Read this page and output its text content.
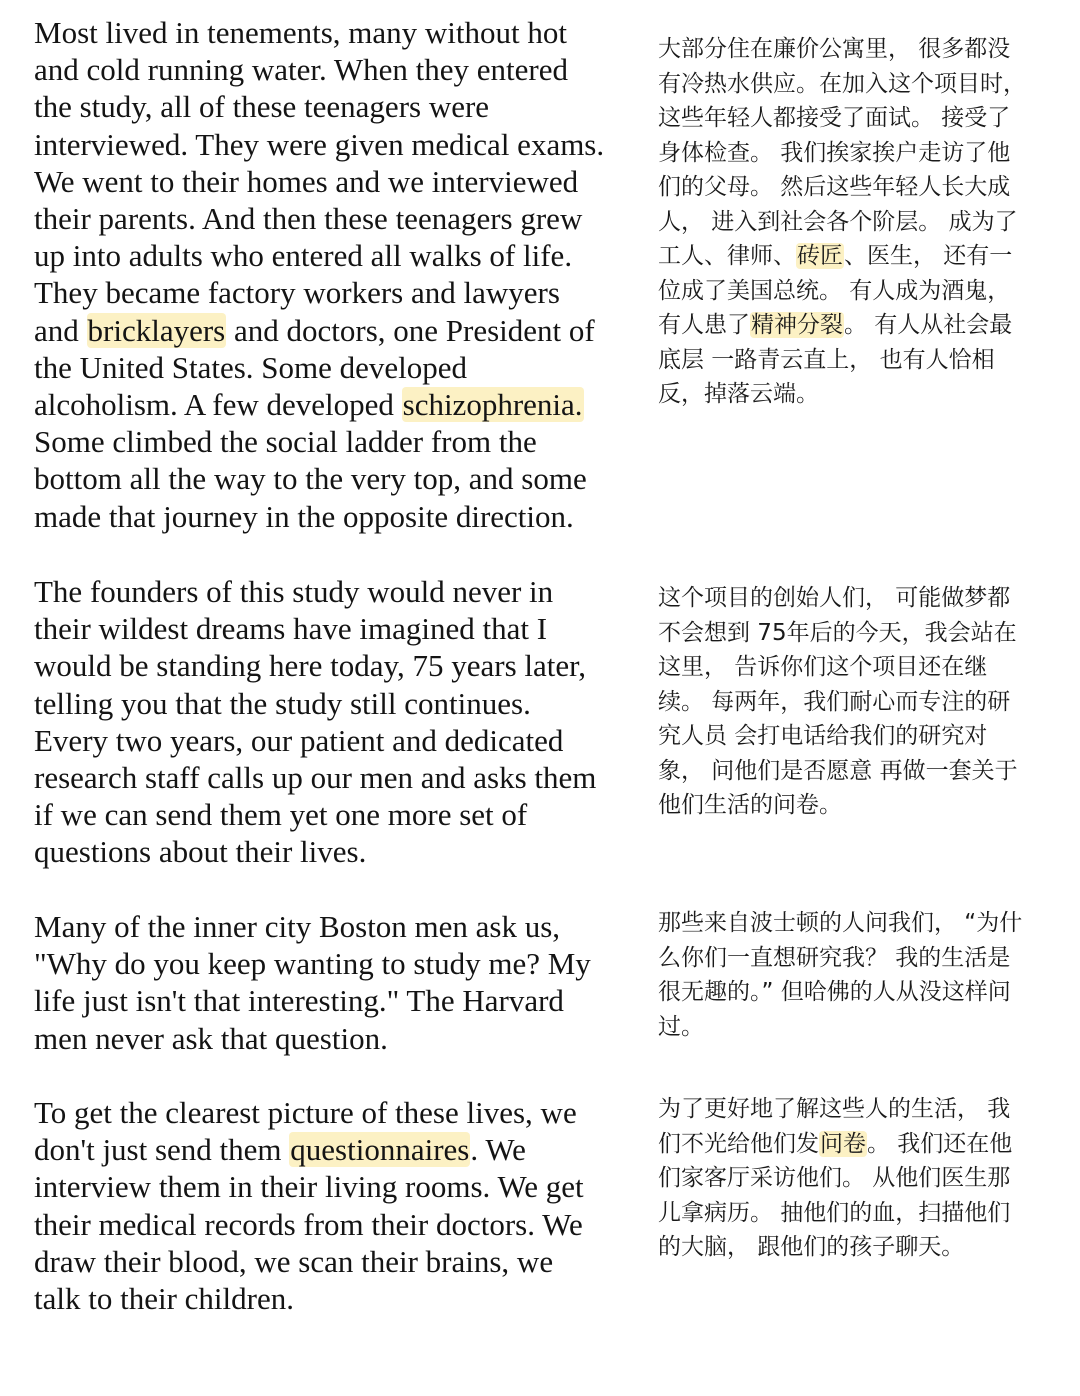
Most lived in tenements, many without hot
and cold running water. When they entered
the study, all of these teenagers were
interviewed. They were given medical exams.
We went to their homes and we interviewed
their parents. And then these teenagers grew
up into adults who entered all walks of life.
They became factory workers and lawyers
and bricklayers and doctors, one President of
the United States. Some developed
alcoholism. A few developed schizophrenia.
Some climbed the social ladder from the
bottom all the way to the very top, and some
made that journey in the opposite direction.

大部分住在廉价公寓里， 很多都没
有冷热水供应。在加入这个项目时，
这些年轻人都接受了面试。 接受了
身体检查。 我们挨家挨户走访了他
们的父母。 然后这些年轻人长大成
人， 进入到社会各个阶层。 成为了
工人、律师、砖匠、医生， 还有一
位成了美国总统。 有人成为酒鬼，
有人患了精神分裂。 有人从社会最
底层 一路青云直上， 也有人恰相
反，掉落云端。

The founders of this study would never in
their wildest dreams have imagined that I
would be standing here today, 75 years later,
telling you that the study still continues.
Every two years, our patient and dedicated
research staff calls up our men and asks them
if we can send them yet one more set of
questions about their lives.

这个项目的创始人们， 可能做梦都
不会想到 75年后的今天，我会站在
这里， 告诉你们这个项目还在继
续。 每两年，我们耐心而专注的研
究人员 会打电话给我们的研究对
象， 问他们是否愿意 再做一套关于
他们生活的问卷。

Many of the inner city Boston men ask us,
"Why do you keep wanting to study me? My
life just isn't that interesting." The Harvard
men never ask that question.

那些来自波士顿的人问我们， “为什
么你们一直想研究我？ 我的生活是
很无趣的。” 但哈佛的人从没这样问
过。

To get the clearest picture of these lives, we
don't just send them questionnaires. We
interview them in their living rooms. We get
their medical records from their doctors. We
draw their blood, we scan their brains, we
talk to their children.

为了更好地了解这些人的生活， 我
们不光给他们发问卷。 我们还在他
们家客厅采访他们。 从他们医生那
儿拿病历。 抽他们的血，扫描他们
的大脑， 跟他们的孩子聊天。
